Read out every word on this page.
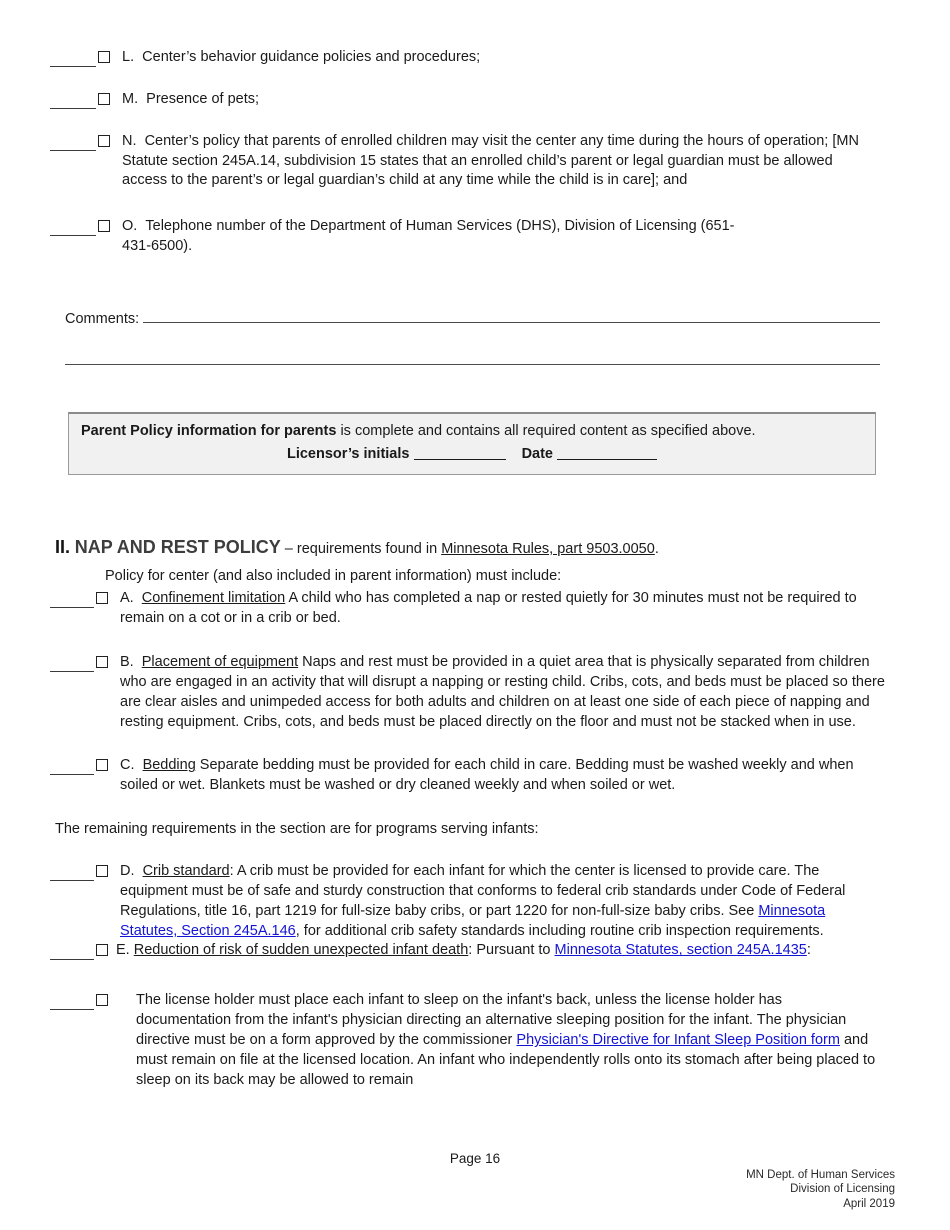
L. Center’s behavior guidance policies and procedures;
M. Presence of pets;
N. Center’s policy that parents of enrolled children may visit the center any time during the hours of operation; [MN Statute section 245A.14, subdivision 15 states that an enrolled child’s parent or legal guardian must be allowed access to the parent’s or legal guardian’s child at any time while the child is in care]; and
O. Telephone number of the Department of Human Services (DHS), Division of Licensing (651-431-6500).
Comments:
Parent Policy information for parents is complete and contains all required content as specified above.
Licensor’s initials	Date
II. NAP AND REST POLICY – requirements found in Minnesota Rules, part 9503.0050.
Policy for center (and also included in parent information) must include:
A. Confinement limitation A child who has completed a nap or rested quietly for 30 minutes must not be required to remain on a cot or in a crib or bed.
B. Placement of equipment Naps and rest must be provided in a quiet area that is physically separated from children who are engaged in an activity that will disrupt a napping or resting child. Cribs, cots, and beds must be placed so there are clear aisles and unimpeded access for both adults and children on at least one side of each piece of napping and resting equipment. Cribs, cots, and beds must be placed directly on the floor and must not be stacked when in use.
C. Bedding Separate bedding must be provided for each child in care. Bedding must be washed weekly and when soiled or wet. Blankets must be washed or dry cleaned weekly and when soiled or wet.
The remaining requirements in the section are for programs serving infants:
D. Crib standard: A crib must be provided for each infant for which the center is licensed to provide care. The equipment must be of safe and sturdy construction that conforms to federal crib standards under Code of Federal Regulations, title 16, part 1219 for full-size baby cribs, or part 1220 for non-full-size baby cribs. See Minnesota Statutes, Section 245A.146, for additional crib safety standards including routine crib inspection requirements.
E. Reduction of risk of sudden unexpected infant death: Pursuant to Minnesota Statutes, section 245A.1435:
The license holder must place each infant to sleep on the infant's back, unless the license holder has documentation from the infant's physician directing an alternative sleeping position for the infant. The physician directive must be on a form approved by the commissioner Physician's Directive for Infant Sleep Position form and must remain on file at the licensed location. An infant who independently rolls onto its stomach after being placed to sleep on its back may be allowed to remain
Page 16
MN Dept. of Human Services
Division of Licensing
April 2019
